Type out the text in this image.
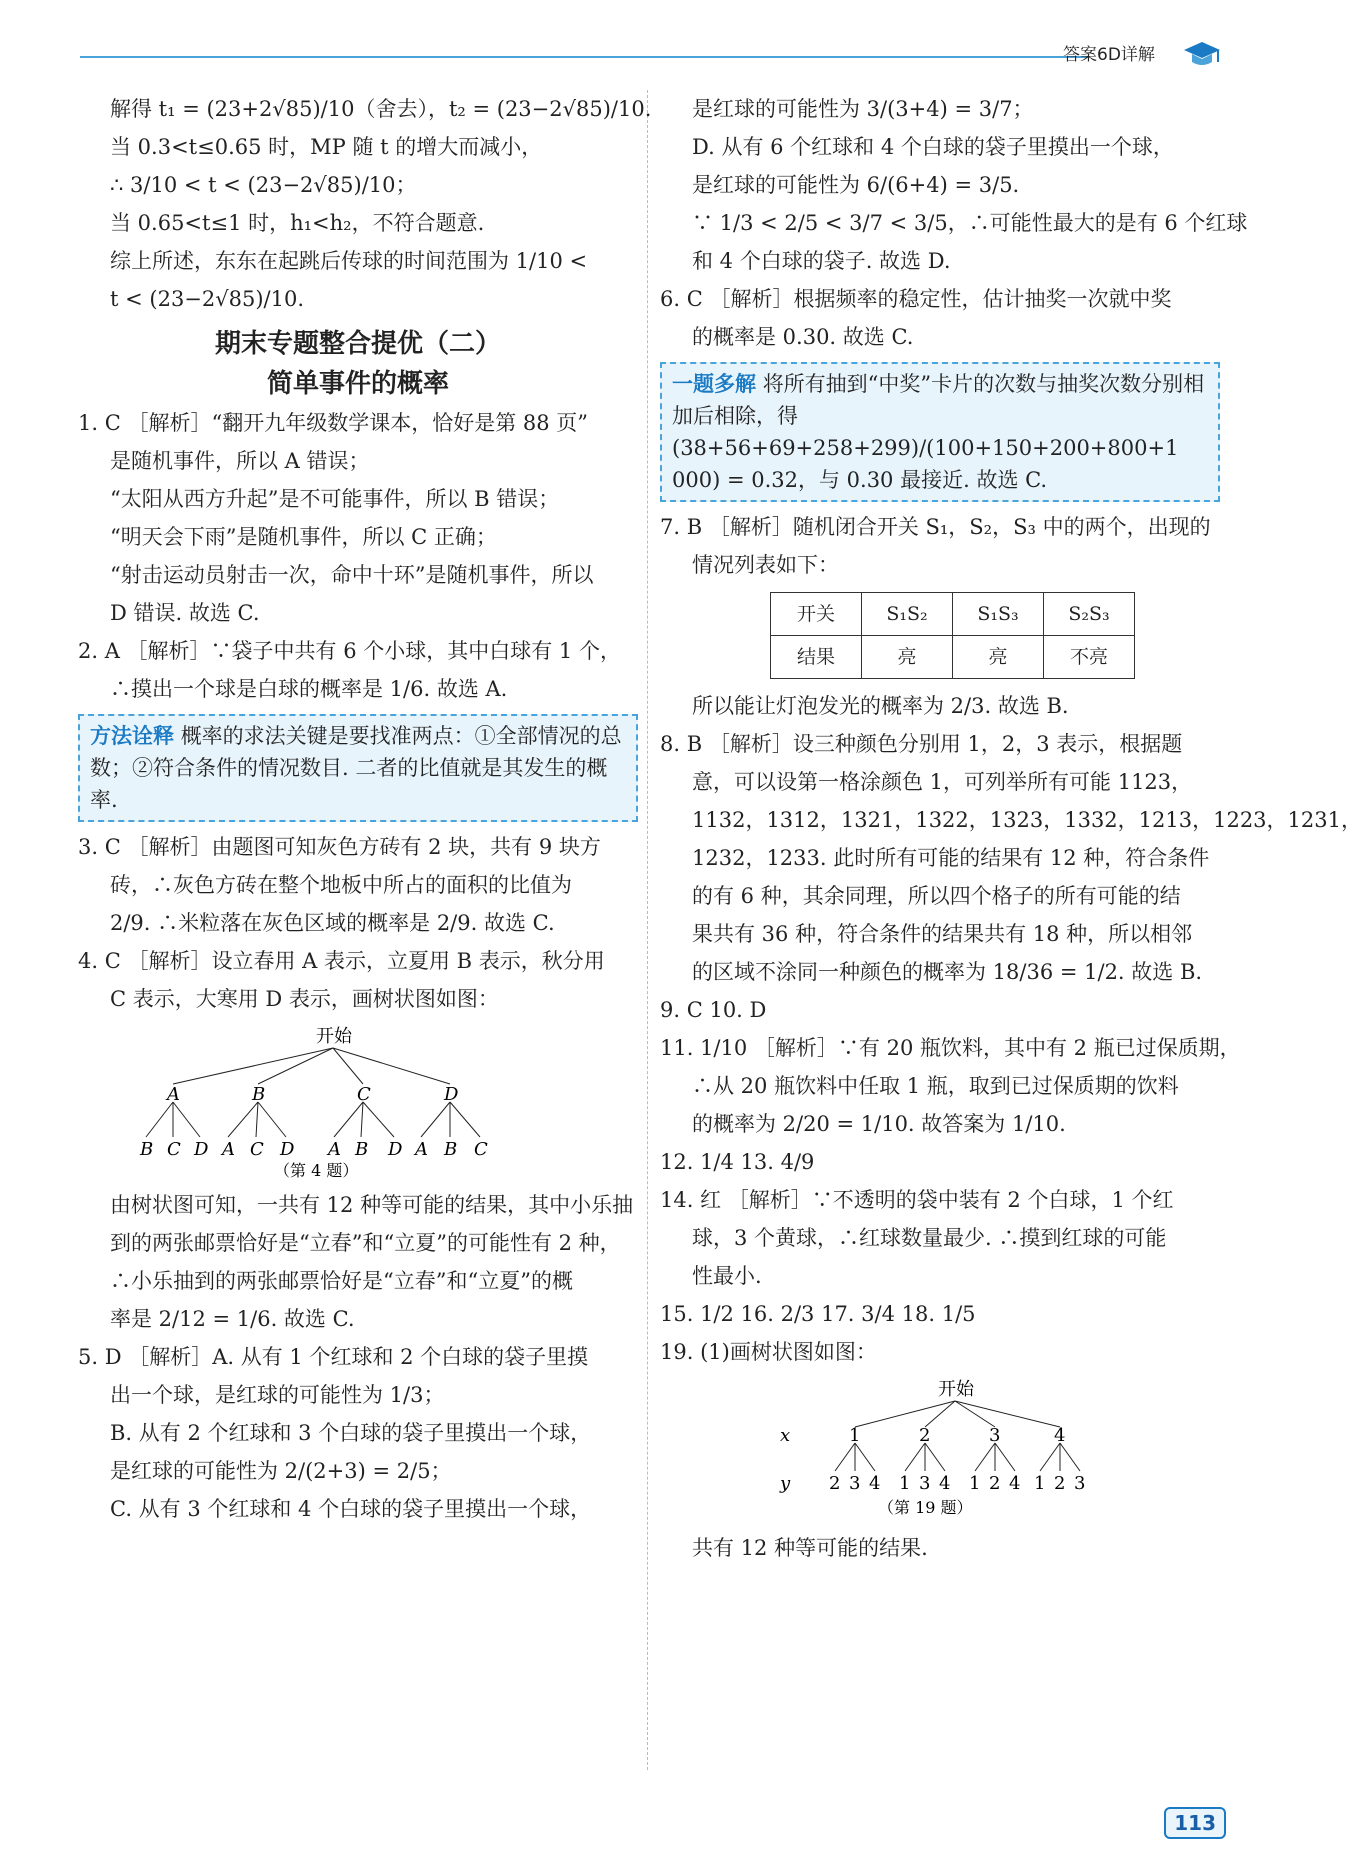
答案6D详解

解得 t₁ = (23+2√85)/10（舍去），t₂ = (23−2√85)/10.

当 0.3<t≤0.65 时，MP 随 t 的增大而减小，

∴ 3/10 < t < (23−2√85)/10；

当 0.65<t≤1 时，h₁<h₂，不符合题意.

综上所述，东东在起跳后传球的时间范围为 1/10 <

t < (23−2√85)/10.

期末专题整合提优（二）
简单事件的概率

1. C ［解析］“翻开九年级数学课本，恰好是第 88 页”

是随机事件，所以 A 错误；

“太阳从西方升起”是不可能事件，所以 B 错误；

“明天会下雨”是随机事件，所以 C 正确；

“射击运动员射击一次，命中十环”是随机事件，所以

D 错误. 故选 C.

2. A ［解析］∵袋子中共有 6 个小球，其中白球有 1 个，

∴摸出一个球是白球的概率是 1/6. 故选 A.

方法诠释 概率的求法关键是要找准两点：①全部情况的总数；②符合条件的情况数目. 二者的比值就是其发生的概率.

3. C ［解析］由题图可知灰色方砖有 2 块，共有 9 块方

砖，∴灰色方砖在整个地板中所占的面积的比值为

2/9. ∴米粒落在灰色区域的概率是 2/9. 故选 C.

4. C ［解析］设立春用 A 表示，立夏用 B 表示，秋分用

C 表示，大寒用 D 表示，画树状图如图：

开始
A	B	C	D
B C D A C D A B D A B C
（第 4 题）

由树状图可知，一共有 12 种等可能的结果，其中小乐抽

到的两张邮票恰好是“立春”和“立夏”的可能性有 2 种，

∴小乐抽到的两张邮票恰好是“立春”和“立夏”的概

率是 2/12 = 1/6. 故选 C.

5. D ［解析］A. 从有 1 个红球和 2 个白球的袋子里摸

出一个球，是红球的可能性为 1/3；

B. 从有 2 个红球和 3 个白球的袋子里摸出一个球，

是红球的可能性为 2/(2+3) = 2/5；

C. 从有 3 个红球和 4 个白球的袋子里摸出一个球，

是红球的可能性为 3/(3+4) = 3/7；

D. 从有 6 个红球和 4 个白球的袋子里摸出一个球，

是红球的可能性为 6/(6+4) = 3/5.

∵ 1/3 < 2/5 < 3/7 < 3/5，∴可能性最大的是有 6 个红球

和 4 个白球的袋子. 故选 D.

6. C ［解析］根据频率的稳定性，估计抽奖一次就中奖

的概率是 0.30. 故选 C.

一题多解 将所有抽到“中奖”卡片的次数与抽奖次数分别相加后相除，得 (38+56+69+258+299)/(100+150+200+800+1 000) = 0.32，与 0.30 最接近. 故选 C.

7. B ［解析］随机闭合开关 S₁，S₂，S₃ 中的两个，出现的

情况列表如下：

开关	S₁S₂	S₁S₃	S₂S₃
结果	亮	亮	不亮

所以能让灯泡发光的概率为 2/3. 故选 B.

8. B ［解析］设三种颜色分别用 1，2，3 表示，根据题

意，可以设第一格涂颜色 1，可列举所有可能 1123，

1132，1312，1321，1322，1323，1332，1213，1223，1231，

1232，1233. 此时所有可能的结果有 12 种，符合条件

的有 6 种，其余同理，所以四个格子的所有可能的结

果共有 36 种，符合条件的结果共有 18 种，所以相邻

的区域不涂同一种颜色的概率为 18/36 = 1/2. 故选 B.

9. C 10. D

11. 1/10 ［解析］∵有 20 瓶饮料，其中有 2 瓶已过保质期，

∴从 20 瓶饮料中任取 1 瓶，取到已过保质期的饮料

的概率为 2/20 = 1/10. 故答案为 1/10.

12. 1/4 13. 4/9

14. 红 ［解析］∵不透明的袋中装有 2 个白球，1 个红

球，3 个黄球，∴红球数量最少. ∴摸到红球的可能

性最小.

15. 1/2 16. 2/3 17. 3/4 18. 1/5

19. (1)画树状图如图：

开始
x	1	2	3	4
y 2 3 4 1 3 4 1 2 4 1 2 3
（第 19 题）

共有 12 种等可能的结果.

113
